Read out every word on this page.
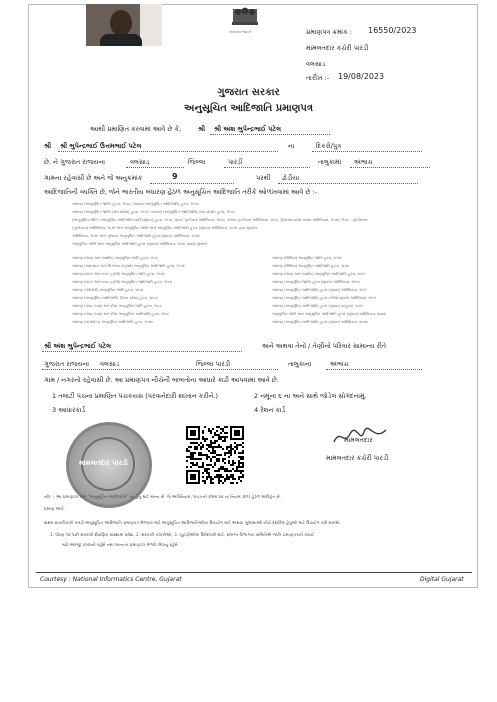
સત્યમેવ જયતે	પ્રમાણપત્ર ક્રમાંક : 16550/2023
મામલતદાર કચેરી પારડી
વલસાડ
તારીખ :- 19/08/2023
ગુજરાત સરકાર
અનુસૂચિત આદિજાતિ પ્રમાણપત્ર
આથી પ્રમાણિત કરવામાં આવે છે કે,	શ્રી શ્રી અંશ ભુપેન્દ્રભાઈ પટેલ
શ્રી શ્રી ભુપેન્દ્રભાઈ ઉત્તમભાઈ પટેલ	ના	દિકરો/પુત્ર
છે. ને ગુજરાત રાજયના	વલસાડ	જિલ્લા	પારડી	તાલુકામાં અંભાચ
ગામના રહેવાસી છે અને જે અનુક્રમાંક	9	પરથી ઢોડીયા
આદિજાતિની વ્યક્તિ છે, જેને ભારતીય બંધારણ હેઠળ અનુસૂચિત આદિજાતિ તરીકે ઓળખવામાં આવે છે :-
બંધારણ (અનુસૂચિત જાતિ) હુકમ, ૧૯૫૦, બંધારણ (અનુસૂચિત આદિજાતિ) હુકમ, ૧૯૫૦
બંધારણ (અનુસૂચિત જાતિ) (સંઘ પ્રદેશો) હુકમ, ૧૯૫૧, બંધારણ (અનુસૂચિત આદિજાતિ) (સંઘ પ્રદેશો) હુકમ, ૧૯૫૧
(અનુસૂચિત જાતિ / અનુસૂચિત આદિજાતિ યાદી (સુધારા) હુકમ, ૧૯૫૬, મુંબઈ પુનર્રચના અધિનિયમ, ૧૯૬૦, પંજાબ પુનર્રચના અધિનિયમ, ૧૯૬૬, હિમાચલ પ્રદેશ રાજય અધિનિયમ, ૧૯૭૦, ઉત્તર - પૂર્વ વિસ્તાર
(પુનર્રચના) અધિનિયમ, ૧૯૭૧ અને અનુસૂચિત જાતિ અને અનુસૂચિત આદિજાતિ હુકમ (સુધારા) અધિનિયમ, ૧૯૭૬ દ્વારા સુધારેલ
અધિનિયમ, ૧૯૭૬ અને ગુજરાત અનુસૂચિત આદિજાતિ હુકમ (સુધારા) અધિનિયમ, ૧૯૭૬
અનુસૂચિત જાતિ અને અનુસૂચિત આદિજાતિ હુકમ (સુધારા) અધિનિયમ, ૧૯૭૬ પ્રમાણે સુધારેલ
બંધારણ (જમ્મુ અને કાશ્મીર) અનુસૂચિત જાતિ હુકમ, ૧૯૫૬
બંધારણ (આંદામાન અને નિકોબાર ટાપુઓ) અનુસૂચિત આદિજાતિ હુકમ, ૧૯૫૯
બંધારણ (દાદરા અને નગર હવેલી) અનુસૂચિત જાતિ હુકમ, ૧૯૬૨
બંધારણ (દાદરા અને નગર હવેલી) અનુસૂચિત આદિજાતિ હુકમ, ૧૯૬૨
બંધારણ (પોંડિચેરી) અનુસૂચિત જાતિ હુકમ, ૧૯૬૪
બંધારણ (અનુસૂચિત આદિજાતિ) (ઉત્તર પ્રદેશ) હુકમ, ૧૯૬૭
બંધારણ (ગોવા, દમણ અને દીવ) અનુસૂચિત જાતિ હુકમ, ૧૯૬૮
બંધારણ (ગોવા, દમણ અને દીવ) અનુસૂચિત આદિજાતિ હુકમ, ૧૯૬૮
બંધારણ (નાગાલેન્ડ) અનુસૂચિત આદિજાતિ હુકમ, ૧૯૭૦
બંધારણ (સિક્કિમ) અનુસૂચિત જાતિ હુકમ, ૧૯૭૮
બંધારણ (સિક્કિમ) અનુસૂચિત આદિજાતિ હુકમ, ૧૯૭૮
બંધારણ (જમ્મુ અને કાશ્મીર) અનુસૂચિત આદિજાતિ હુકમ, ૧૯૮૯
બંધારણ (અનુસૂચિત જાતિ) હુકમ (સુધારા) અધિનિયમ, ૧૯૯૦
બંધારણ (અનુસૂચિત આદિજાતિ) હુકમ (સુધારા) અધિનિયમ, ૧૯૯૧
બંધારણ (અનુસૂચિત આદિજાતિ) હુકમ (બીજો સુધારો) અધિનિયમ, ૧૯૯૧
બંધારણ (અનુસૂચિત આદિજાતિ) હુકમ (સુધારા) વટહુકમ, ૧૯૯૬
અનુસૂચિત જાતિ અને અનુસૂચિત આદિજાતિ હુકમ (સુધારા) અધિનિયમ, ૨૦૦૨
બંધારણ (અનુસૂચિત આદિજાતિ) હુકમ (સુધારા) અધિનિયમ, ૨૦૦૨
શ્રી અંશ ભુપેન્દ્રભાઈ પટેલ	અને અથવા તેનો / તેણીનો પરિવાર સામાન્ય રીતે
ગુજરાત રાજયના વલસાડ	જિલ્લા પારડી	તાલુકાના	અંભાચ
ગામ / નગરનો રહેવાસી છે. આ પ્રમાણપત્ર નીચેની બાબતોના આધારે કાઢી આપવામાં આવે છે.
1 તલાટી પંચના પ્રમાણિત પંચકયસ (પરવાનેદારી શાખાન કરીને.)	2 નમૂના ૬ ના અને સાથે જોડેલ સોગંદનામું.
3 આધારકાર્ડ	4 રેશન કાર્ડ
મામલતદાર પારડી
મામલતદાર
મામલતદાર કચેરી પારડી
નોંધ :- આ પ્રમાણપત્ર માત્ર "અનુસૂચિત આદિજાતિ" ના હેતુ માટે માન્ય છે. જે અધિનિયમ, ૧૯૮૯ની કલમ ૨૦ ના નિયમ ૩(૧) હેઠળ અધિકૃત છે.
પ્રમાણ આપે.
સક્ષમ સત્તાધિકારી પારડી અનુસૂચિત આદિજાતિ પ્રમાણપત્ર મેળવવા માટે અનુસૂચિત આદિજાતિઓના ઉપયોગ માટે અથવા ખુલાસાઓ નીચે દર્શાવેલ હેતુઓ માટે ઉપયોગ કરી શકાશે:
1. ધોરણ ૧૦ પછી સરકારી શૈક્ષણિક સંસ્થામાં પ્રવેશ, 2. સરકારી નોકરીઓ, 3. ચૂંટણીઓમાં ઉમેદવારી માટે, સંલગ્ન વિભાગના સમિતિએ જાતિ પ્રમાણપત્રની ખરાઈ
માટે અરજી કરવાની રહેશે તથા માન્યતા પ્રમાણપત્ર મેળવી લેવાનું રહેશે.
Courtesy : National Informatics Centre, Gujarat	Digital Gujarat
